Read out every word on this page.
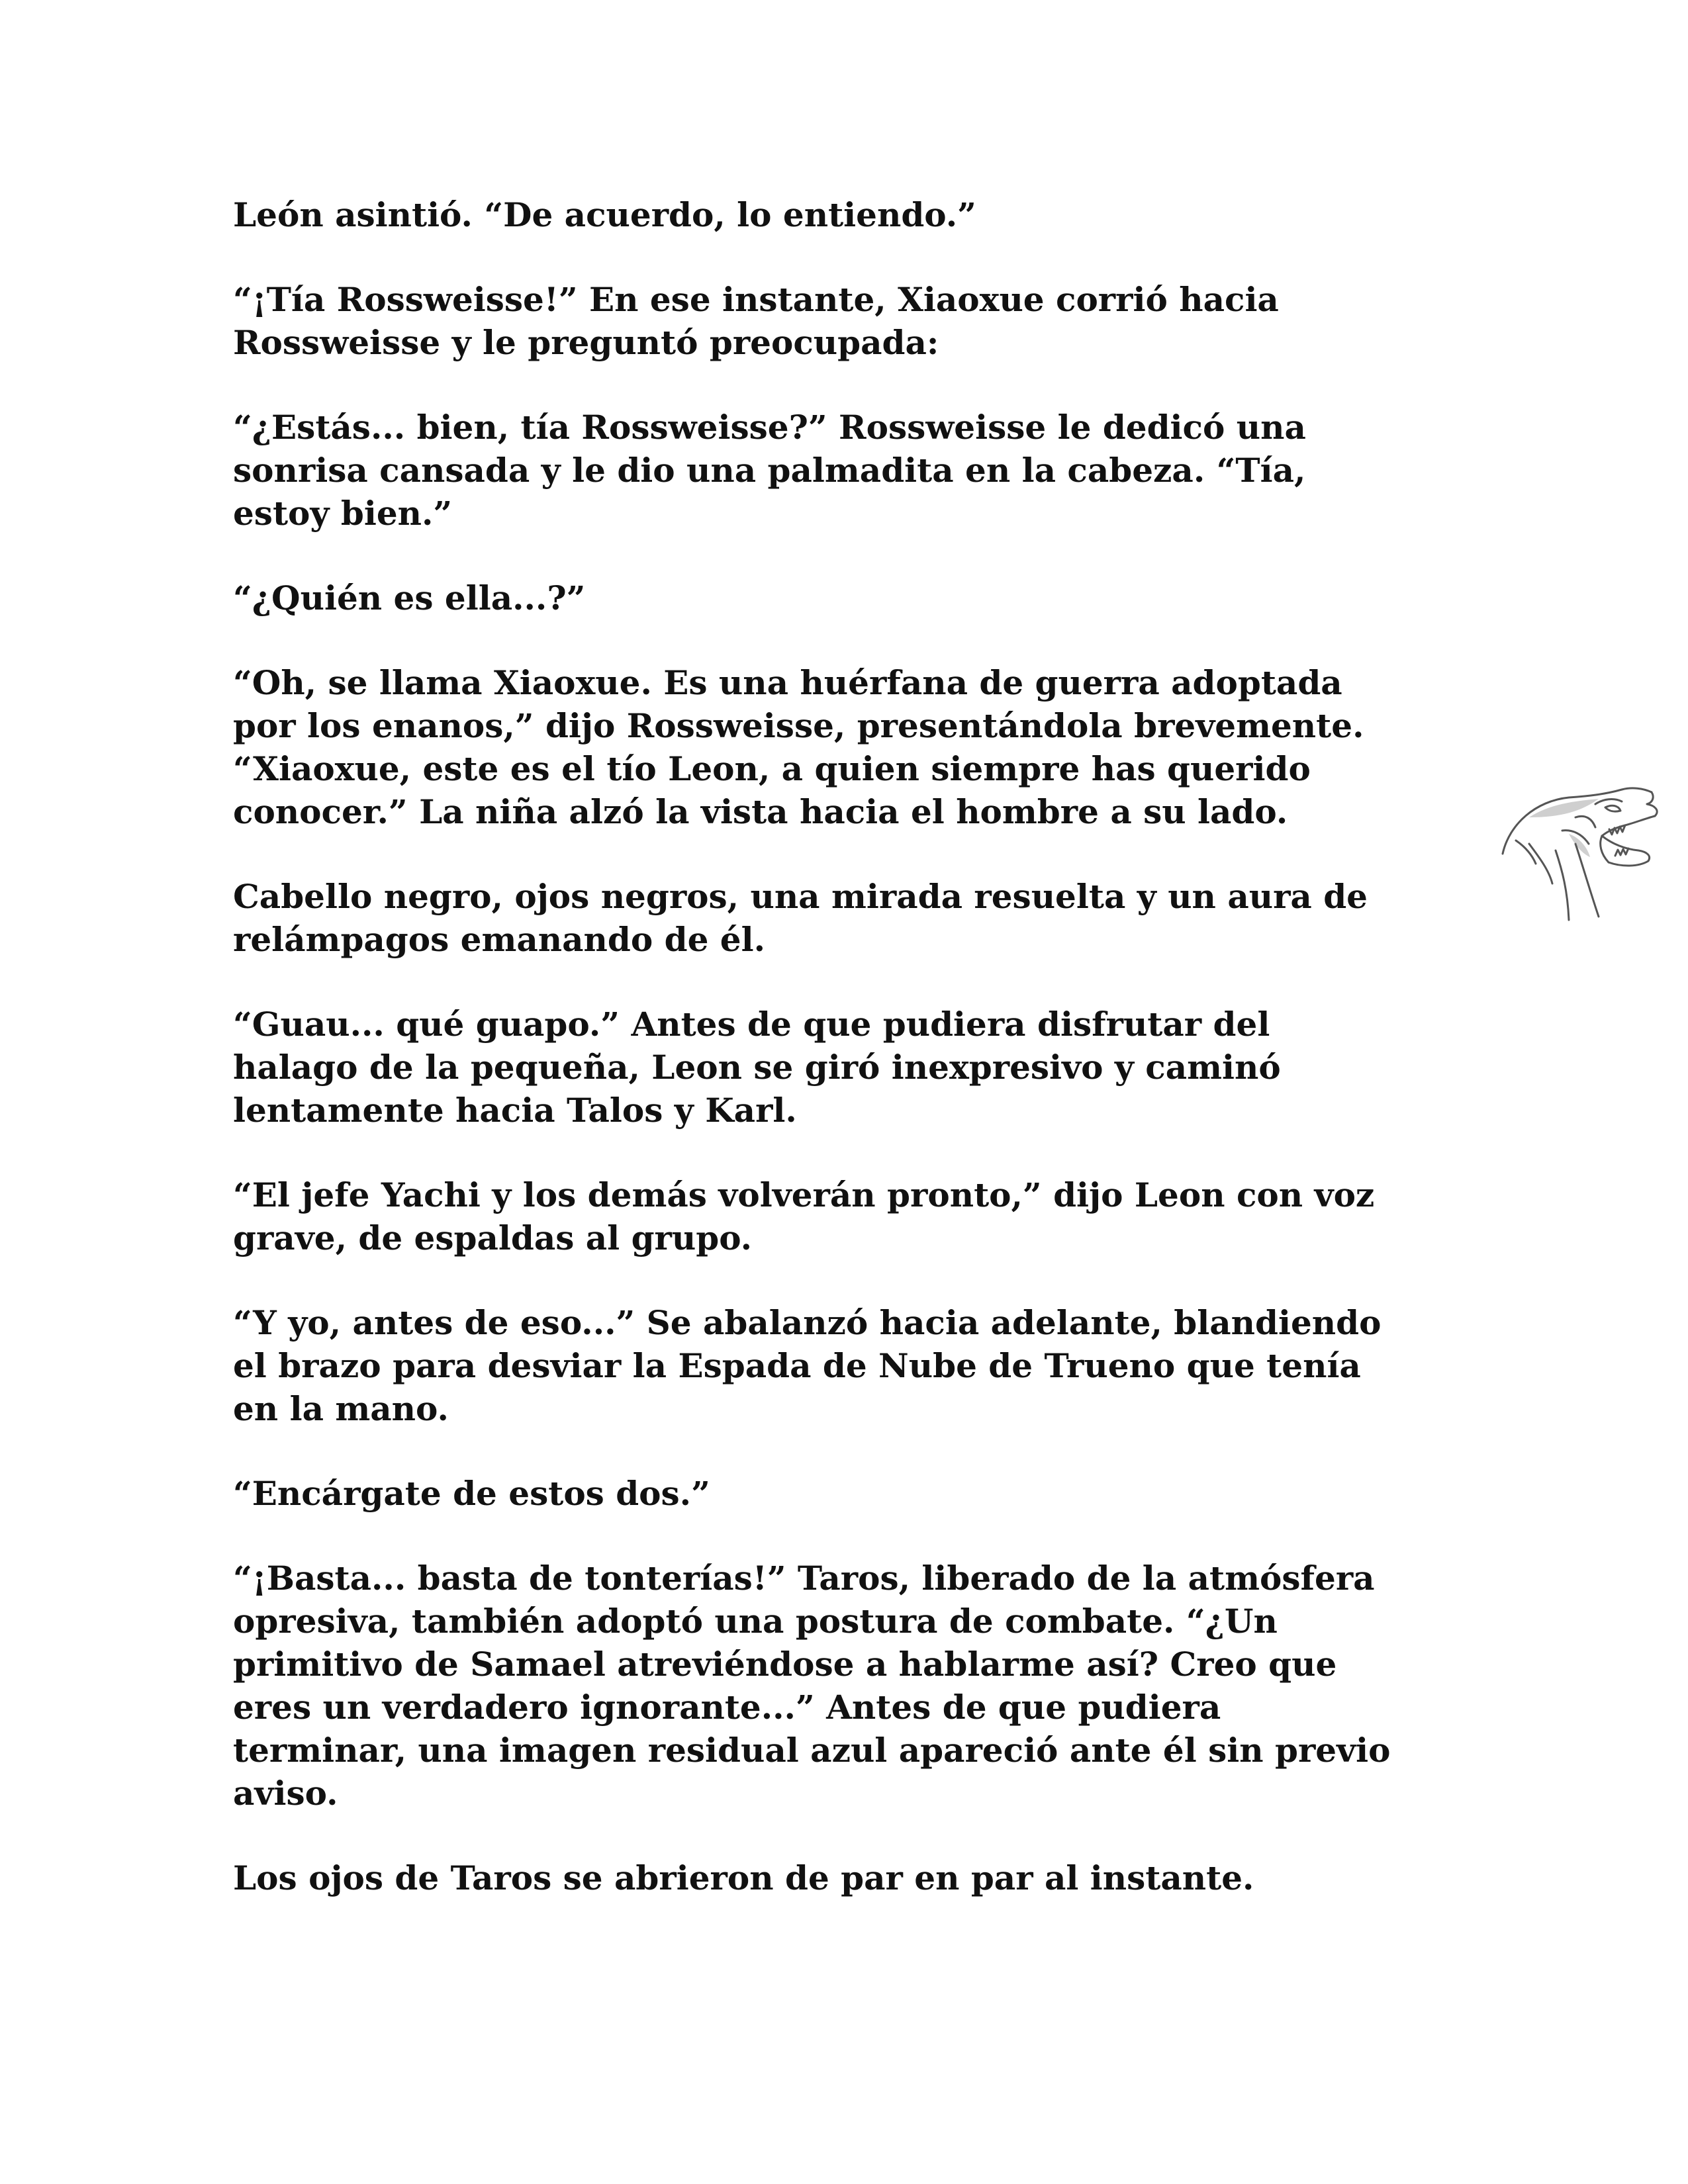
León asintió. “De acuerdo, lo entiendo.”

“¡Tía Rossweisse!” En ese instante, Xiaoxue corrió hacia
Rossweisse y le preguntó preocupada:

“¿Estás... bien, tía Rossweisse?” Rossweisse le dedicó una
sonrisa cansada y le dio una palmadita en la cabeza. “Tía,
estoy bien.”

“¿Quién es ella...?”

“Oh, se llama Xiaoxue. Es una huérfana de guerra adoptada
por los enanos,” dijo Rossweisse, presentándola brevemente.
“Xiaoxue, este es el tío Leon, a quien siempre has querido
conocer.” La niña alzó la vista hacia el hombre a su lado.

Cabello negro, ojos negros, una mirada resuelta y un aura de
relámpagos emanando de él.

“Guau... qué guapo.” Antes de que pudiera disfrutar del
halago de la pequeña, Leon se giró inexpresivo y caminó
lentamente hacia Talos y Karl.

“El jefe Yachi y los demás volverán pronto,” dijo Leon con voz
grave, de espaldas al grupo.

“Y yo, antes de eso...” Se abalanzó hacia adelante, blandiendo
el brazo para desviar la Espada de Nube de Trueno que tenía
en la mano.

“Encárgate de estos dos.”

“¡Basta... basta de tonterías!” Taros, liberado de la atmósfera
opresiva, también adoptó una postura de combate. “¿Un
primitivo de Samael atreviéndose a hablarme así? Creo que
eres un verdadero ignorante...” Antes de que pudiera
terminar, una imagen residual azul apareció ante él sin previo
aviso.

Los ojos de Taros se abrieron de par en par al instante.
